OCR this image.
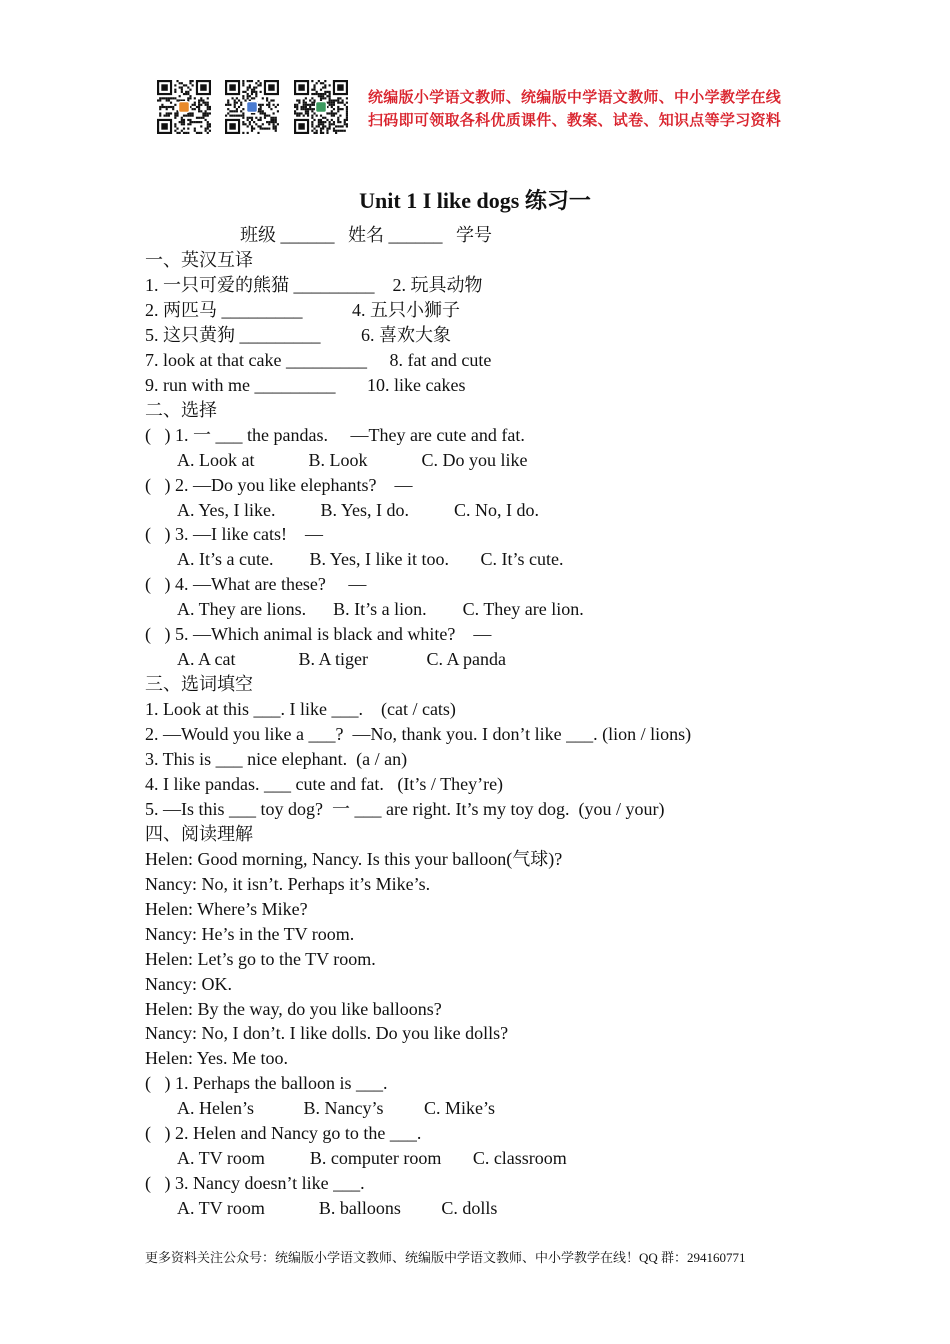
统编版小学语文教师、统编版中学语文教师、中小学教学在线
扫码即可领取各科优质课件、教案、试卷、知识点等学习资料
Unit 1 I like dogs 练习一
班级 ______   姓名 ______   学号
一、英汉互译
1. 一只可爱的熊猫 _________    2. 玩具动物
2. 两匹马 _________           4. 五只小狮子
5. 这只黄狗 _________         6. 喜欢大象
7. look at that cake _________     8. fat and cute
9. run with me _________       10. like cakes
二、选择
(   ) 1. 一 ___ the pandas.     —They are cute and fat.
A. Look at            B. Look            C. Do you like
(   ) 2. —Do you like elephants?    —
A. Yes, I like.          B. Yes, I do.          C. No, I do.
(   ) 3. —I like cats!    —
A. It’s a cute.        B. Yes, I like it too.       C. It’s cute.
(   ) 4. —What are these?     —
A. They are lions.      B. It’s a lion.        C. They are lion.
(   ) 5. —Which animal is black and white?    —
A. A cat              B. A tiger             C. A panda
三、选词填空
1. Look at this ___. I like ___.    (cat / cats)
2. —Would you like a ___?  —No, thank you. I don’t like ___. (lion / lions)
3. This is ___ nice elephant.  (a / an)
4. I like pandas. ___ cute and fat.   (It’s / They’re)
5. —Is this ___ toy dog?  一 ___ are right. It’s my toy dog.  (you / your)
四、阅读理解
Helen: Good morning, Nancy. Is this your balloon(气球)?
Nancy: No, it isn’t. Perhaps it’s Mike’s.
Helen: Where’s Mike?
Nancy: He’s in the TV room.
Helen: Let’s go to the TV room.
Nancy: OK.
Helen: By the way, do you like balloons?
Nancy: No, I don’t. I like dolls. Do you like dolls?
Helen: Yes. Me too.
(   ) 1. Perhaps the balloon is ___.
A. Helen’s           B. Nancy’s         C. Mike’s
(   ) 2. Helen and Nancy go to the ___.
A. TV room          B. computer room       C. classroom
(   ) 3. Nancy doesn’t like ___.
A. TV room            B. balloons         C. dolls
更多资料关注公众号：统编版小学语文教师、统编版中学语文教师、中小学教学在线！QQ 群：294160771
